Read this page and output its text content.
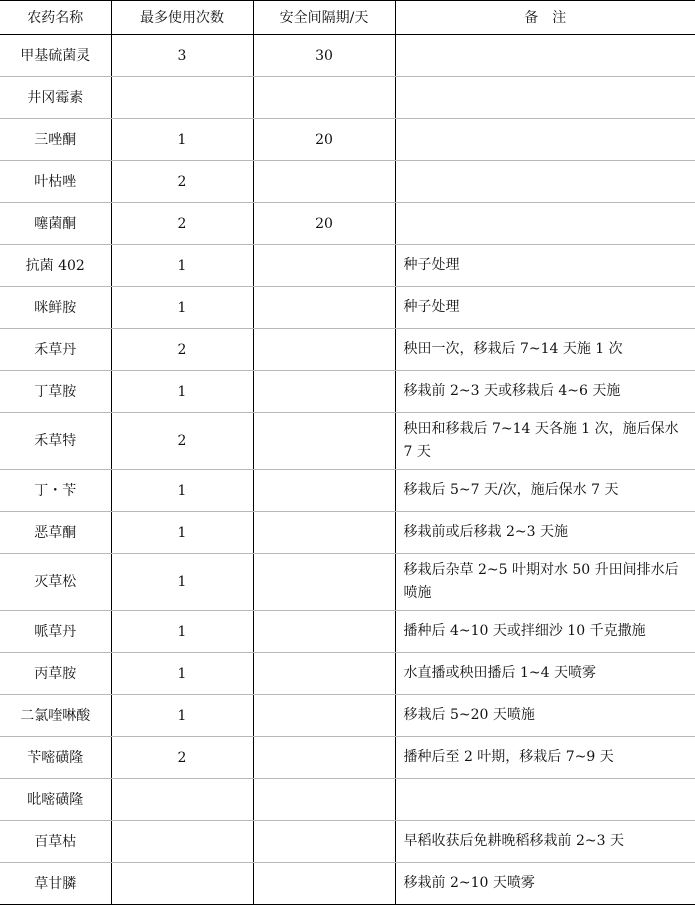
农药名称	最多使用次数	安全间隔期/天	备　注
甲基硫菌灵	3	30	
井冈霉素			
三唑酮	1	20	
叶枯唑	2		
噻菌酮	2	20	
抗菌 402	1		种子处理
咪鲜胺	1		种子处理
禾草丹	2		秧田一次，移栽后 7~14 天施 1 次
丁草胺	1		移栽前 2~3 天或移栽后 4~6 天施
禾草特	2		秧田和移栽后 7~14 天各施 1 次，施后保水 7 天
丁・苄	1		移栽后 5~7 天/次，施后保水 7 天
恶草酮	1		移栽前或后移栽 2~3 天施
灭草松	1		移栽后杂草 2~5 叶期对水 50 升田间排水后喷施
哌草丹	1		播种后 4~10 天或拌细沙 10 千克撒施
丙草胺	1		水直播或秧田播后 1~4 天喷雾
二氯喹啉酸	1		移栽后 5~20 天喷施
苄嘧磺隆	2		播种后至 2 叶期，移栽后 7~9 天
吡嘧磺隆			
百草枯			早稻收获后免耕晚稻移栽前 2~3 天
草甘膦			移栽前 2~10 天喷雾
